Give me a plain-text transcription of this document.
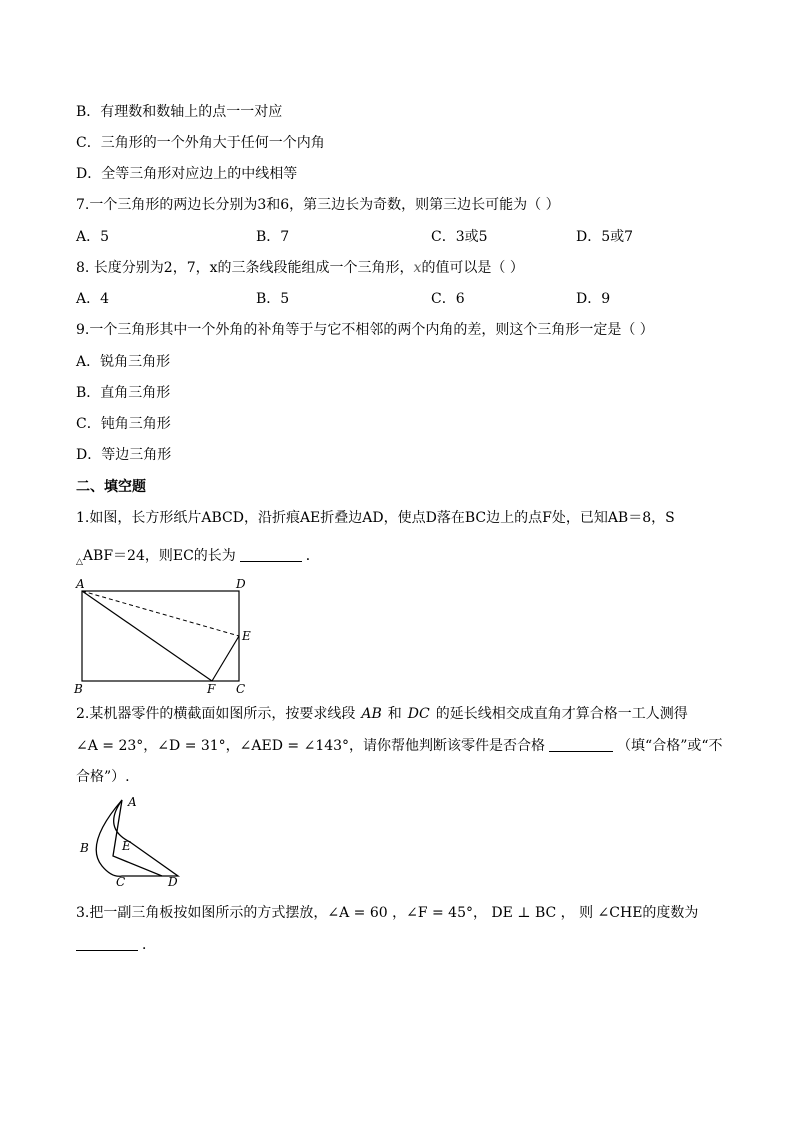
B．有理数和数轴上的点一一对应
C．三角形的一个外角大于任何一个内角
D．全等三角形对应边上的中线相等
7.一个三角形的两边长分别为3和6，第三边长为奇数，则第三边长可能为（ ）
A．5	B．7	C．3或5	D．5或7
8. 长度分别为2，7，x的三条线段能组成一个三角形，x的值可以是（ ）
A．4	B．5	C．6	D．9
9.一个三角形其中一个外角的补角等于与它不相邻的两个内角的差，则这个三角形一定是（ ）
A．锐角三角形
B．直角三角形
C．钝角三角形
D．等边三角形
二、填空题
1.如图，长方形纸片ABCD，沿折痕AE折叠边AD，使点D落在BC边上的点F处，已知AB＝8，S
$_\triangle$ABF＝24，则EC的长为	．
A	D
E
B	F C
2.某机器零件的横截面如图所示，按要求线段 AB 和 DC 的延长线相交成直角才算合格一工人测得
∠A = 23°，∠D = 31°，∠AED = ∠143°，请你帮他判断该零件是否合格	（填“合格”或“不
合格”）.
A
B	E
C	D
3.把一副三角板按如图所示的方式摆放，∠A = 60 ，∠F = 45°， DE ⊥ BC ， 则 ∠CHE的度数为
．
